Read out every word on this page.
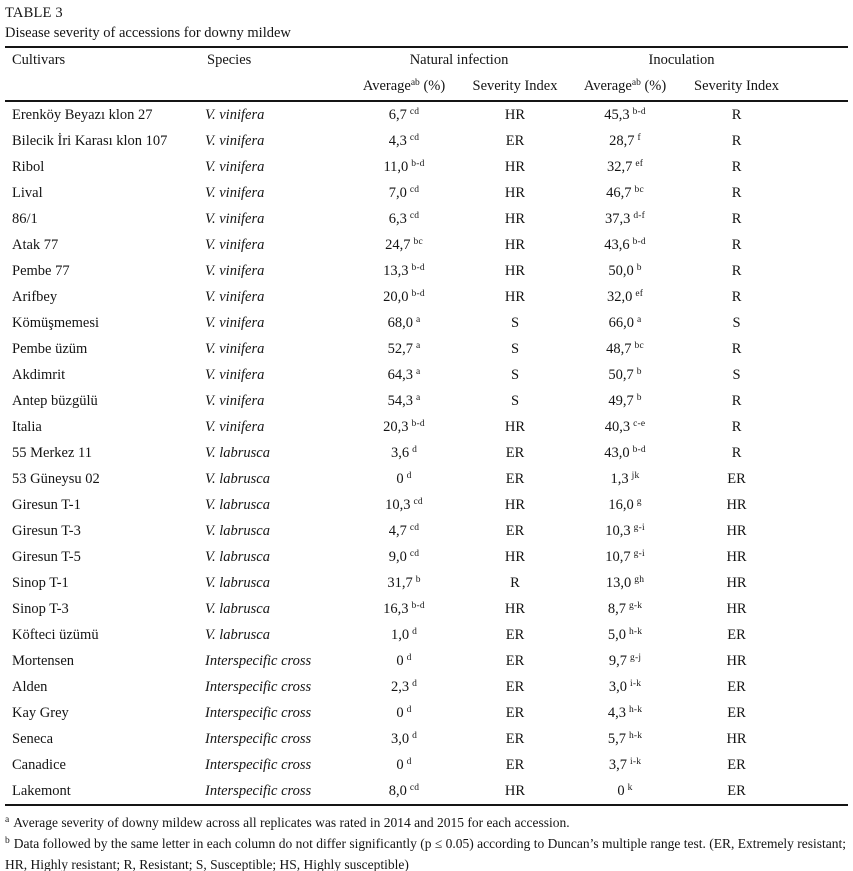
TABLE 3
Disease severity of accessions for downy mildew
Cultivars	Species	Natural infection		Inoculation	
		Average$^{ab}$ (%)	Severity Index	Average$^{ab}$ (%)	Severity Index
Erenköy Beyazı klon 27	V. vinifera	6,7 $^{cd}$	HR	45,3 $^{b-d}$	R
Bilecik İri Karası klon 107	V. vinifera	4,3 $^{cd}$	ER	28,7 $^f$	R
Ribol	V. vinifera	11,0 $^{b-d}$	HR	32,7 $^{ef}$	R
Lival	V. vinifera	7,0 $^{cd}$	HR	46,7 $^{bc}$	R
86/1	V. vinifera	6,3 $^{cd}$	HR	37,3 $^{d-f}$	R
Atak 77	V. vinifera	24,7 $^{bc}$	HR	43,6 $^{b-d}$	R
Pembe 77	V. vinifera	13,3 $^{b-d}$	HR	50,0 $^b$	R
Arifbey	V. vinifera	20,0 $^{b-d}$	HR	32,0 $^{ef}$	R
Kömüşmemesi	V. vinifera	68,0 $^a$	S	66,0 $^a$	S
Pembe üzüm	V. vinifera	52,7 $^a$	S	48,7 $^{bc}$	R
Akdimrit	V. vinifera	64,3 $^a$	S	50,7 $^b$	S
Antep büzgülü	V. vinifera	54,3 $^a$	S	49,7 $^b$	R
Italia	V. vinifera	20,3 $^{b-d}$	HR	40,3 $^{c-e}$	R
55 Merkez 11	V. labrusca	3,6 $^d$	ER	43,0 $^{b-d}$	R
53 Güneysu 02	V. labrusca	0 $^d$	ER	1,3 $^{jk}$	ER
Giresun T-1	V. labrusca	10,3 $^{cd}$	HR	16,0 $^g$	HR
Giresun T-3	V. labrusca	4,7 $^{cd}$	ER	10,3 $^{g-i}$	HR
Giresun T-5	V. labrusca	9,0 $^{cd}$	HR	10,7 $^{g-i}$	HR
Sinop T-1	V. labrusca	31,7 $^b$	R	13,0 $^{gh}$	HR
Sinop T-3	V. labrusca	16,3 $^{b-d}$	HR	8,7 $^{g-k}$	HR
Köfteci üzümü	V. labrusca	1,0 $^d$	ER	5,0 $^{h-k}$	ER
Mortensen	Interspecific cross	0 $^d$	ER	9,7 $^{g-j}$	HR
Alden	Interspecific cross	2,3 $^d$	ER	3,0 $^{i-k}$	ER
Kay Grey	Interspecific cross	0 $^d$	ER	4,3 $^{h-k}$	ER
Seneca	Interspecific cross	3,0 $^d$	ER	5,7 $^{h-k}$	HR
Canadice	Interspecific cross	0 $^d$	ER	3,7 $^{i-k}$	ER
Lakemont	Interspecific cross	8,0 $^{cd}$	HR	0 $^k$	ER
$^a$ Average severity of downy mildew across all replicates was rated in 2014 and 2015 for each accession.
$^b$ Data followed by the same letter in each column do not differ significantly (p ≤ 0.05) according to Duncan’s multiple range test. (ER, Extremely resistant; HR, Highly resistant; R, Resistant; S, Susceptible; HS, Highly susceptible)
